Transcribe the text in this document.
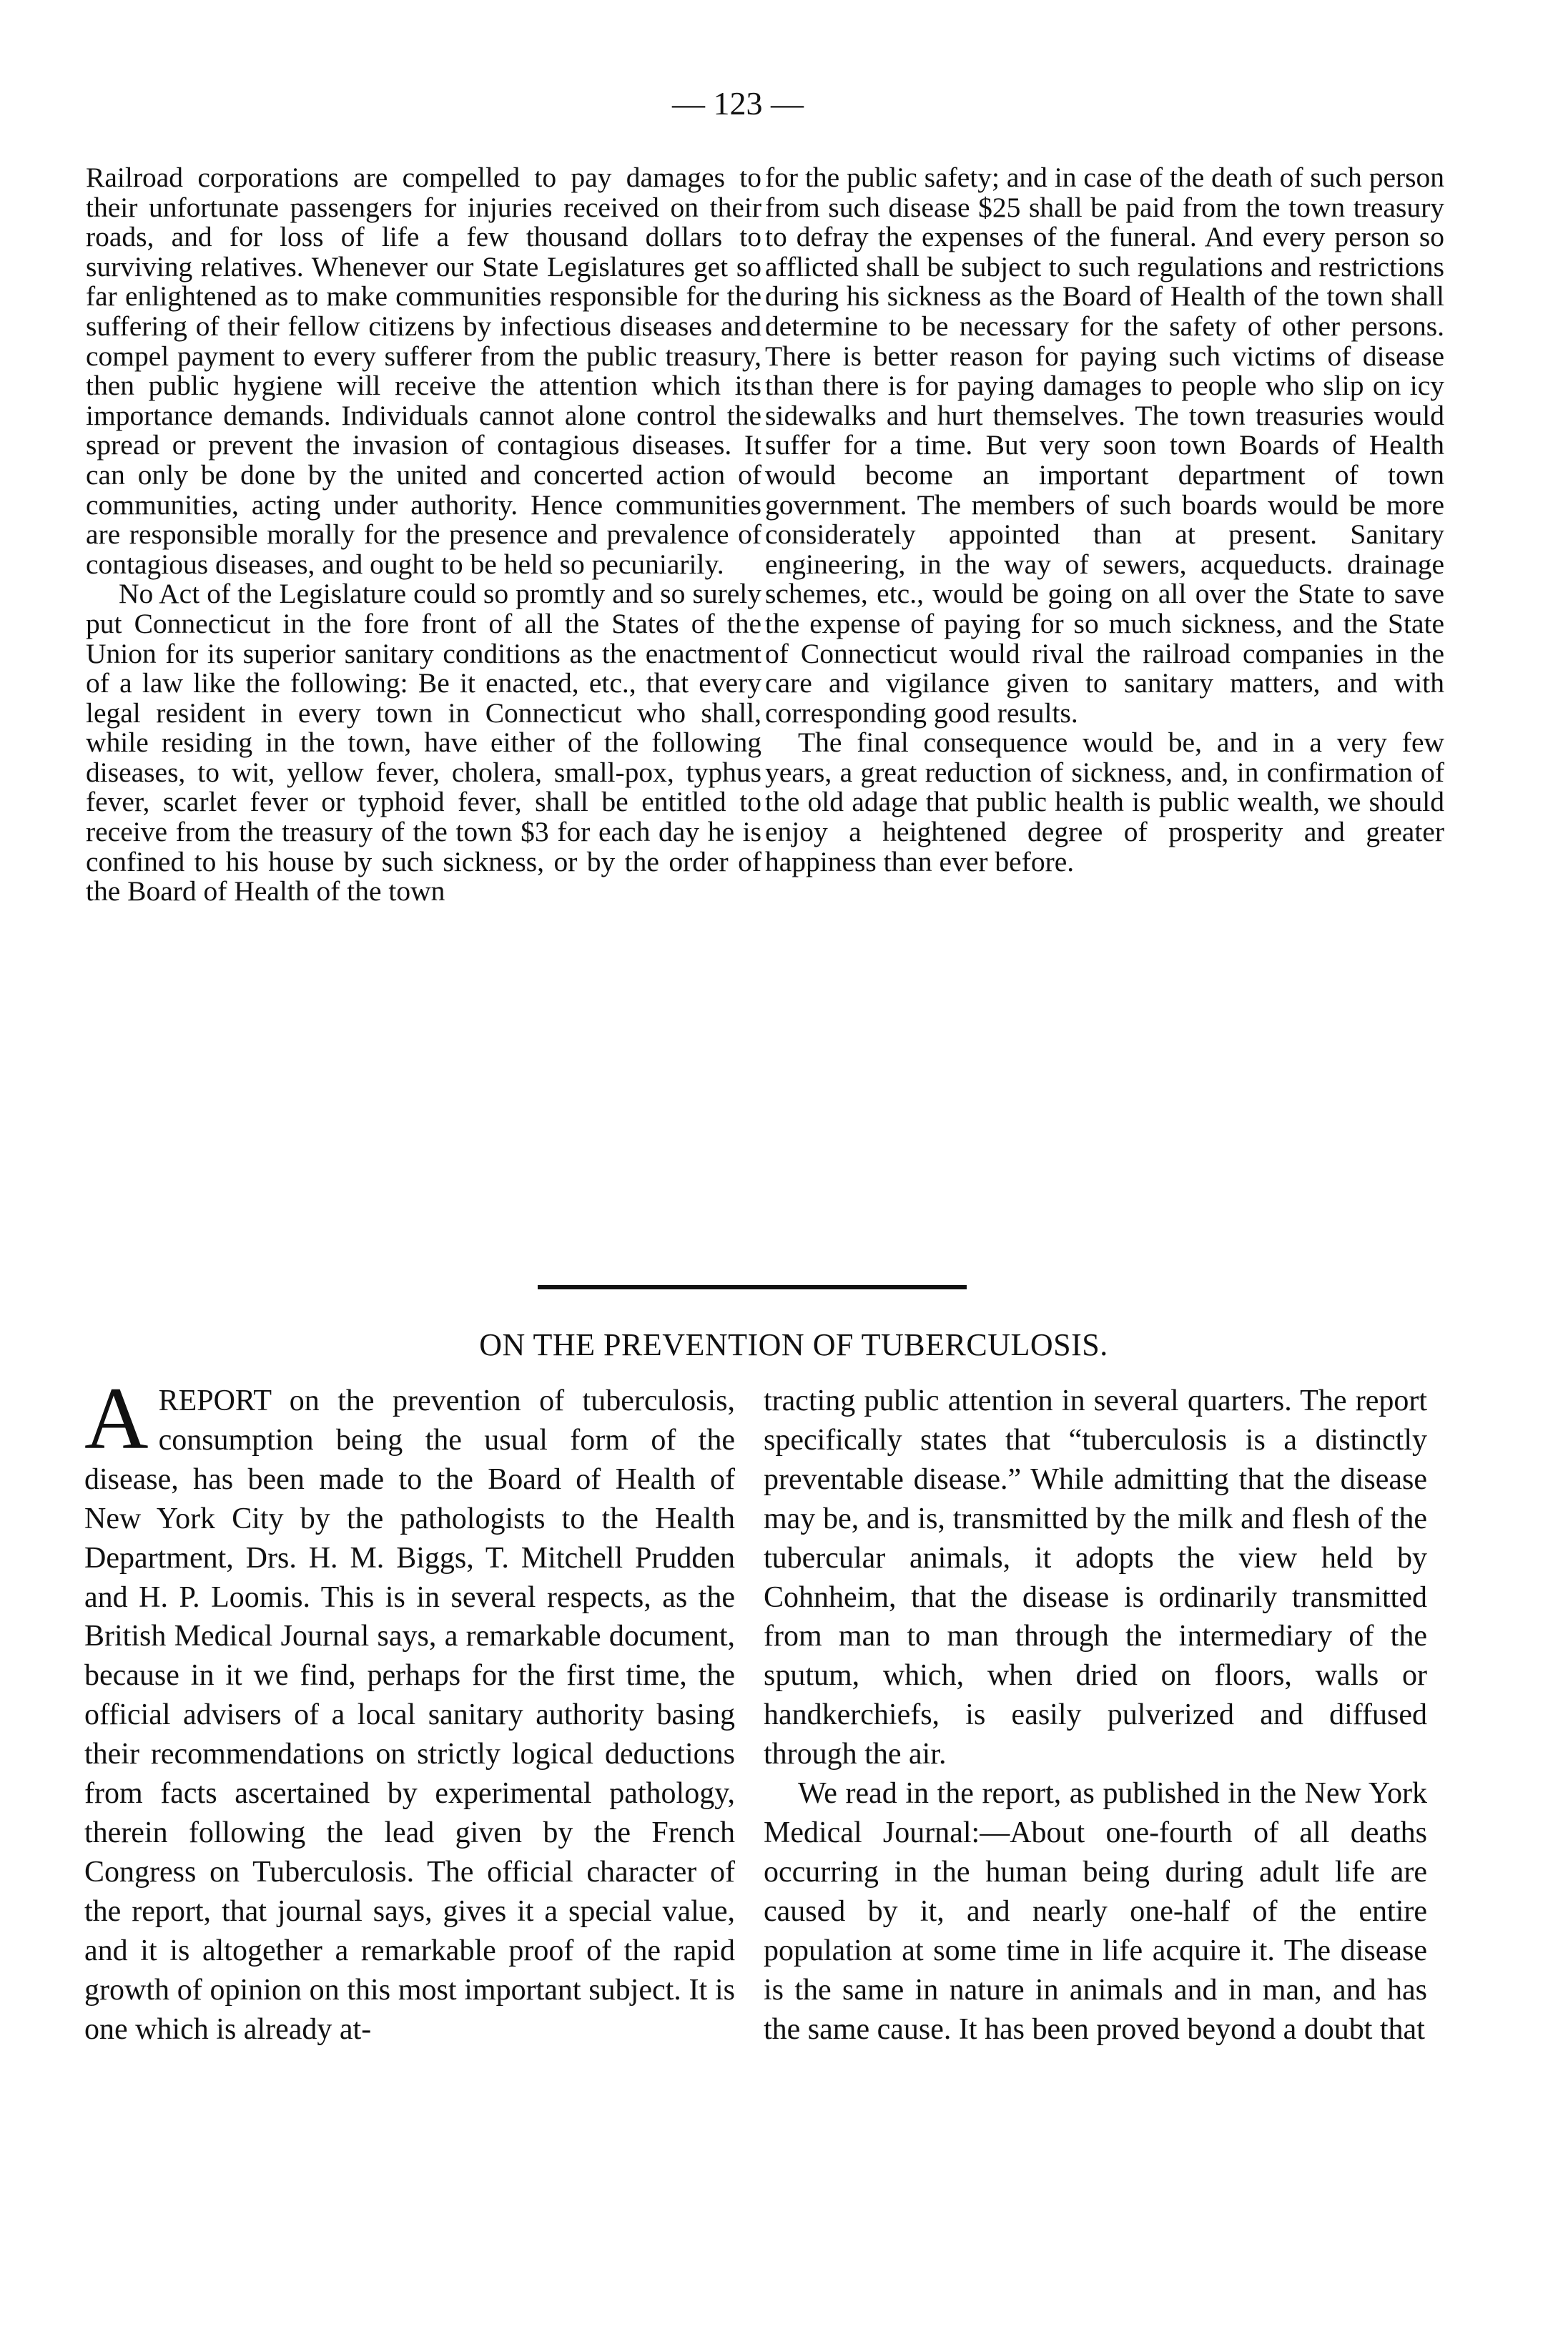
— 123 —

Railroad corporations are compelled to pay damages to their unfortunate passengers for injuries received on their roads, and for loss of life a few thousand dollars to surviving relatives. Whenever our State Legislatures get so far enlightened as to make communities responsible for the suffering of their fellow citizens by infectious diseases and compel payment to every sufferer from the public treasury, then public hygiene will receive the attention which its importance demands. Individuals cannot alone control the spread or prevent the invasion of contagious diseases. It can only be done by the united and concerted action of communities, acting under authority. Hence communities are responsible morally for the presence and prevalence of contagious diseases, and ought to be held so pecuniarily.

No Act of the Legislature could so promtly and so surely put Connecticut in the fore front of all the States of the Union for its superior sanitary conditions as the enactment of a law like the following: Be it enacted, etc., that every legal resident in every town in Connecticut who shall, while residing in the town, have either of the following diseases, to wit, yellow fever, cholera, small-pox, typhus fever, scarlet fever or typhoid fever, shall be entitled to receive from the treasury of the town $3 for each day he is confined to his house by such sickness, or by the order of the Board of Health of the town

for the public safety; and in case of the death of such person from such disease $25 shall be paid from the town treasury to defray the expenses of the funeral. And every person so afflicted shall be subject to such regulations and restrictions during his sickness as the Board of Health of the town shall determine to be necessary for the safety of other persons. There is better reason for paying such victims of disease than there is for paying damages to people who slip on icy sidewalks and hurt themselves. The town treasuries would suffer for a time. But very soon town Boards of Health would become an important department of town government. The members of such boards would be more considerately appointed than at present. Sanitary engineering, in the way of sewers, acqueducts. drainage schemes, etc., would be going on all over the State to save the expense of paying for so much sickness, and the State of Connecticut would rival the railroad companies in the care and vigilance given to sanitary matters, and with corresponding good results.

The final consequence would be, and in a very few years, a great reduction of sickness, and, in confirmation of the old adage that public health is public wealth, we should enjoy a heightened degree of prosperity and greater happiness than ever before.

ON THE PREVENTION OF TUBERCULOSIS.
A REPORT on the prevention of tuberculosis, consumption being the usual form of the disease, has been made to the Board of Health of New York City by the pathologists to the Health Department, Drs. H. M. Biggs, T. Mitchell Prudden and H. P. Loomis. This is in several respects, as the British Medical Journal says, a remarkable document, because in it we find, perhaps for the first time, the official advisers of a local sanitary authority basing their recommendations on strictly logical deductions from facts ascertained by experimental pathology, therein following the lead given by the French Congress on Tuberculosis. The official character of the report, that journal says, gives it a special value, and it is altogether a remarkable proof of the rapid growth of opinion on this most important subject. It is one which is already at-

tracting public attention in several quarters. The report specifically states that “tuberculosis is a distinctly preventable disease.” While admitting that the disease may be, and is, transmitted by the milk and flesh of the tubercular animals, it adopts the view held by Cohnheim, that the disease is ordinarily transmitted from man to man through the intermediary of the sputum, which, when dried on floors, walls or handkerchiefs, is easily pulverized and diffused through the air.

We read in the report, as published in the New York Medical Journal:—About one-fourth of all deaths occurring in the human being during adult life are caused by it, and nearly one-half of the entire population at some time in life acquire it. The disease is the same in nature in animals and in man, and has the same cause. It has been proved beyond a doubt that
